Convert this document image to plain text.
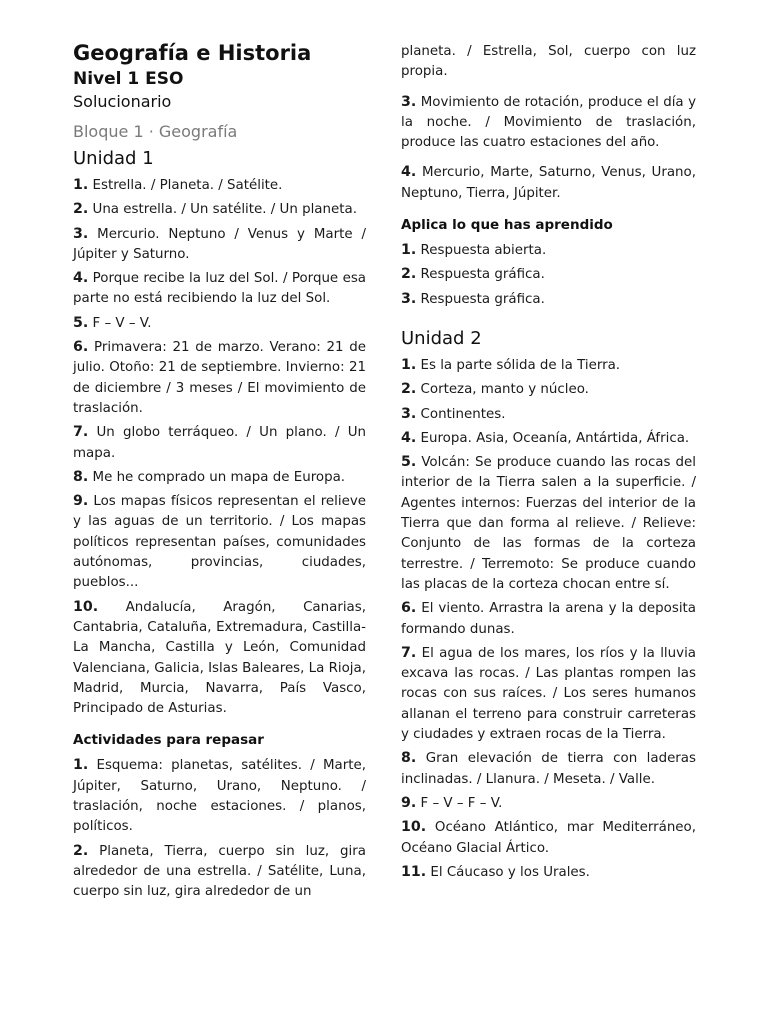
Geografía e Historia
Nivel 1 ESO
Solucionario
Bloque 1 · Geografía
Unidad 1

1. Estrella. / Planeta. / Satélite.

2. Una estrella. / Un satélite. / Un planeta.

3. Mercurio. Neptuno / Venus y Marte / Júpiter y Saturno.

4. Porque recibe la luz del Sol. / Porque esa parte no está recibiendo la luz del Sol.

5. F – V – V.

6. Primavera: 21 de marzo. Verano: 21 de julio. Otoño: 21 de septiembre. Invierno: 21 de diciembre / 3 meses / El movimiento de traslación.

7. Un globo terráqueo. / Un plano. / Un mapa.

8. Me he comprado un mapa de Europa.

9. Los mapas físicos representan el relieve y las aguas de un territorio. / Los mapas políticos representan países, comunidades autónomas, provincias, ciudades, pueblos...

10. Andalucía, Aragón, Canarias, Cantabria, Cataluña, Extremadura, Castilla-La Mancha, Castilla y León, Comunidad Valenciana, Galicia, Islas Baleares, La Rioja, Madrid, Murcia, Navarra, País Vasco, Principado de Asturias.

Actividades para repasar

1. Esquema: planetas, satélites. / Marte, Júpiter, Saturno, Urano, Neptuno. / traslación, noche estaciones. / planos, políticos.

2. Planeta, Tierra, cuerpo sin luz, gira alrededor de una estrella. / Satélite, Luna, cuerpo sin luz, gira alrededor de un

planeta. / Estrella, Sol, cuerpo con luz propia.

3. Movimiento de rotación, produce el día y la noche. / Movimiento de traslación, produce las cuatro estaciones del año.

4. Mercurio, Marte, Saturno, Venus, Urano, Neptuno, Tierra, Júpiter.

Aplica lo que has aprendido

1. Respuesta abierta.

2. Respuesta gráfica.

3. Respuesta gráfica.

Unidad 2

1. Es la parte sólida de la Tierra.

2. Corteza, manto y núcleo.

3. Continentes.

4. Europa. Asia, Oceanía, Antártida, África.

5. Volcán: Se produce cuando las rocas del interior de la Tierra salen a la superficie. / Agentes internos: Fuerzas del interior de la Tierra que dan forma al relieve. / Relieve: Conjunto de las formas de la corteza terrestre. / Terremoto: Se produce cuando las placas de la corteza chocan entre sí.

6. El viento. Arrastra la arena y la deposita formando dunas.

7. El agua de los mares, los ríos y la lluvia excava las rocas. / Las plantas rompen las rocas con sus raíces. / Los seres humanos allanan el terreno para construir carreteras y ciudades y extraen rocas de la Tierra.

8. Gran elevación de tierra con laderas inclinadas. / Llanura. / Meseta. / Valle.

9. F – V – F – V.

10. Océano Atlántico, mar Mediterráneo, Océano Glacial Ártico.

11. El Cáucaso y los Urales.
